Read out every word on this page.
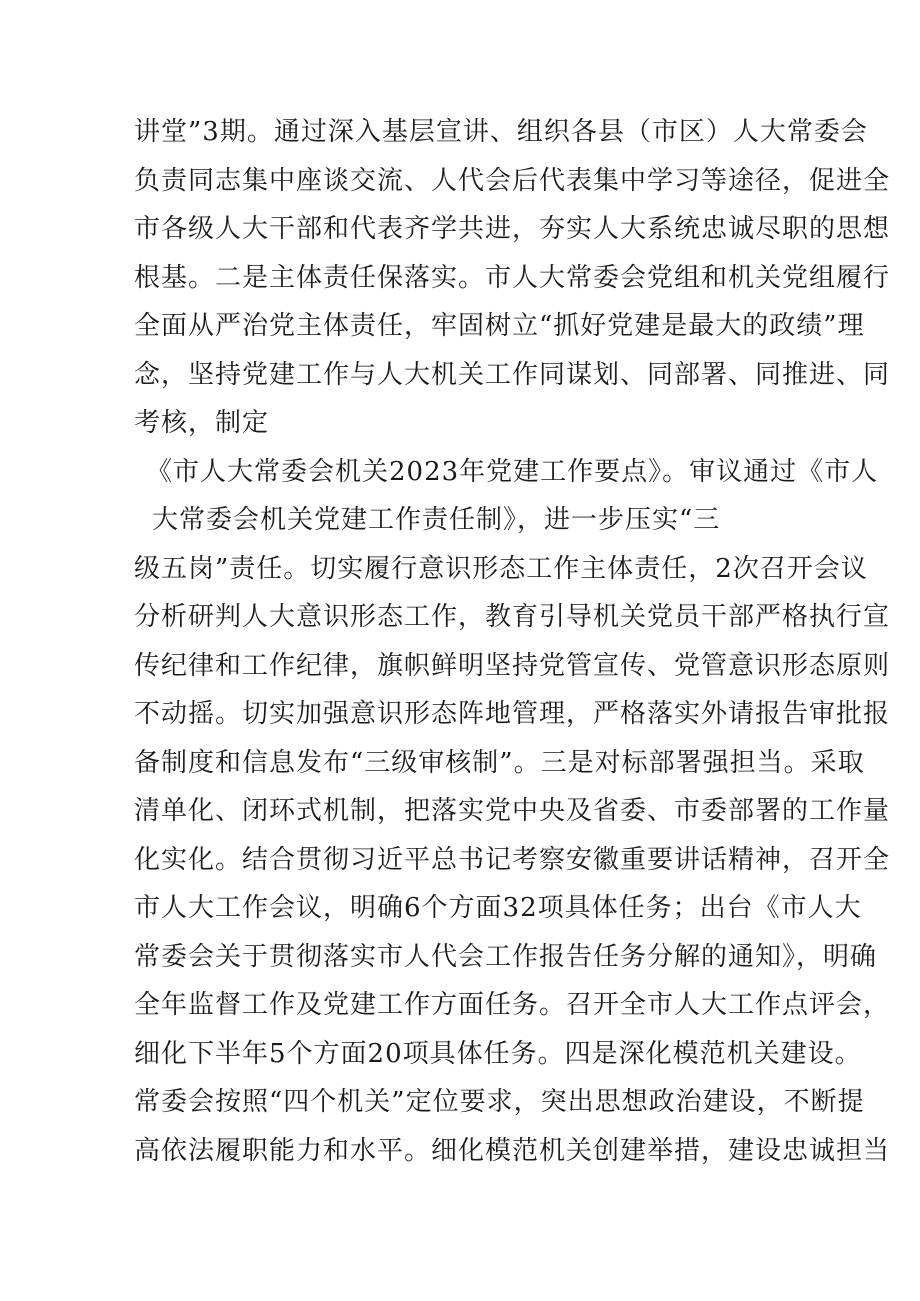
讲堂”3期。通过深入基层宣讲、组织各县（市区）人大常委会
负责同志集中座谈交流、人代会后代表集中学习等途径，促进全
市各级人大干部和代表齐学共进，夯实人大系统忠诚尽职的思想
根基。二是主体责任保落实。市人大常委会党组和机关党组履行
全面从严治党主体责任，牢固树立“抓好党建是最大的政绩”理
念，坚持党建工作与人大机关工作同谋划、同部署、同推进、同
考核，制定
《市人大常委会机关2023年党建工作要点》。审议通过《市人
大常委会机关党建工作责任制》，进一步压实“三
级五岗”责任。切实履行意识形态工作主体责任，2次召开会议
分析研判人大意识形态工作，教育引导机关党员干部严格执行宣
传纪律和工作纪律，旗帜鲜明坚持党管宣传、党管意识形态原则
不动摇。切实加强意识形态阵地管理，严格落实外请报告审批报
备制度和信息发布“三级审核制”。三是对标部署强担当。采取
清单化、闭环式机制，把落实党中央及省委、市委部署的工作量
化实化。结合贯彻习近平总书记考察安徽重要讲话精神，召开全
市人大工作会议，明确6个方面32项具体任务；出台《市人大
常委会关于贯彻落实市人代会工作报告任务分解的通知》，明确
全年监督工作及党建工作方面任务。召开全市人大工作点评会，
细化下半年5个方面20项具体任务。四是深化模范机关建设。
常委会按照“四个机关”定位要求，突出思想政治建设，不断提
高依法履职能力和水平。细化模范机关创建举措，建设忠诚担当
